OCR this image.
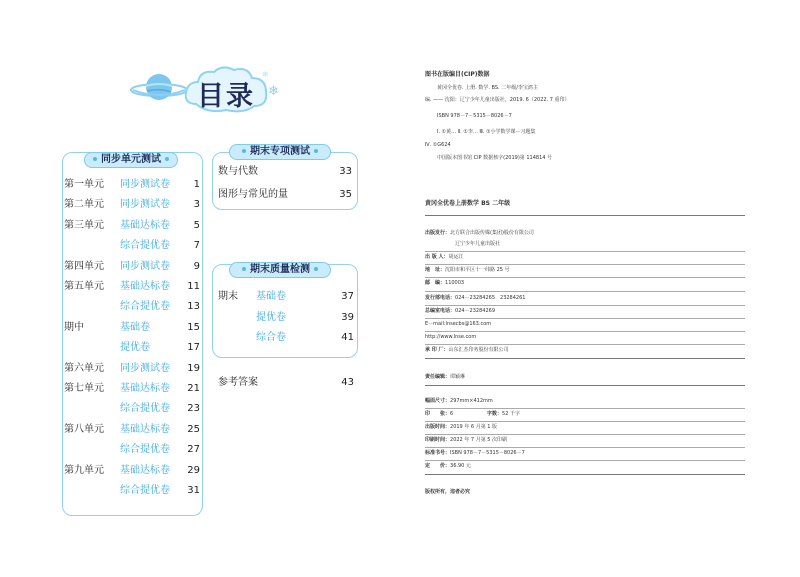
目录 ❄
❄
同步单元测试
第一单元 同步测试卷	1
第二单元 同步测试卷	3
第三单元 基础达标卷	5
综合提优卷	7
第四单元 同步测试卷	9
第五单元 基础达标卷	11
综合提优卷	13
期中	基础卷	15
提优卷	17
第六单元 同步测试卷	19
第七单元 基础达标卷	21
综合提优卷	23
第八单元 基础达标卷	25
综合提优卷	27
第九单元 基础达标卷	29
综合提优卷	31
期末专项测试
数与代数	33
图形与常见的量	35
期末质量检测
期末 基础卷	37
提优卷	39
综合卷	41
参考答案	43
图书在版编目(CIP)数据
黄冈全优卷. 上册. 数学. BS. 二年级/李宝鸿主
编. —— 沈阳：辽宁少年儿童出版社，2019. 6（2022. 7 重印）
ISBN 978－7－5315－8026－7
Ⅰ. ①黄… Ⅱ. ①李… Ⅲ. ①小学数学课－习题集
Ⅳ. ①G624
中国版本图书馆 CIP 数据核字(2019)第 114814 号
黄冈全优卷上册数学 BS 二年级
出版发行：北方联合出版传媒(集团)股份有限公司
辽宁少年儿童出版社
出 版 人：胡运江
地　址：沈阳市和平区十一纬路 25 号
邮　编：110003
发行部电话：024－23284265　23284261
总编室电话：024－23284269
E－mail:lnsecbs@163.com
http://www.lnse.com
承 印 厂：山东汇杰印务股份有限公司
责任编辑：谭颖琳
幅面尺寸：297mm×412mm
印　　张：6	字数：52 千字
出版时间：2019 年 6 月第 1 版
印刷时间：2022 年 7 月第 5 次印刷
标准书号：ISBN 978－7－5315－8026－7
定　　价：36.90 元
版权所有，违者必究
